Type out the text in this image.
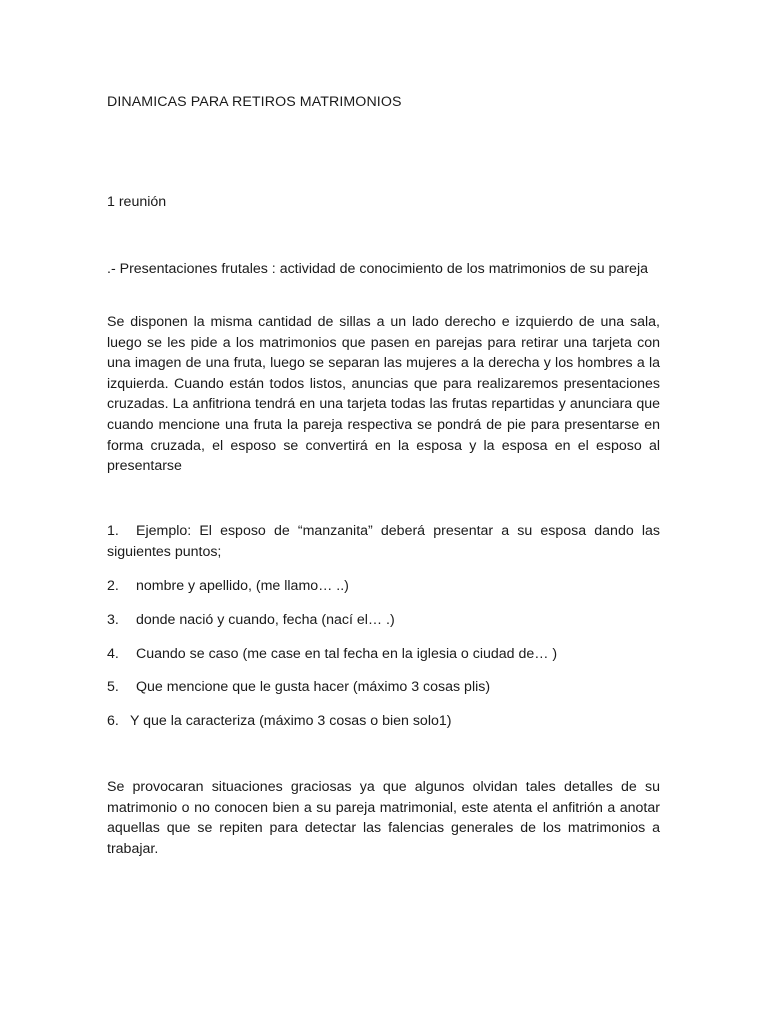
DINAMICAS PARA RETIROS MATRIMONIOS
1 reunión
.- Presentaciones frutales : actividad de conocimiento de los matrimonios de su pareja
Se disponen la misma cantidad de sillas a un lado derecho e izquierdo de una sala, luego se les pide a los matrimonios que pasen en parejas para retirar una tarjeta con una imagen de una fruta, luego se separan las mujeres a la derecha y los hombres a la izquierda. Cuando están todos listos, anuncias que para realizaremos presentaciones cruzadas. La anfitriona tendrá en una tarjeta todas las frutas repartidas y anunciara que cuando mencione una fruta la pareja respectiva se pondrá de pie para presentarse en forma cruzada, el esposo se convertirá en la esposa y la esposa en el esposo al presentarse
1. Ejemplo: El esposo de “manzanita” deberá presentar a su esposa dando las siguientes puntos;
2. nombre y apellido, (me llamo… ..)
3. donde nació y cuando, fecha (nací el… .)
4. Cuando se caso (me case en tal fecha en la iglesia o ciudad de… )
5. Que mencione que le gusta hacer (máximo 3 cosas plis)
6. Y que la caracteriza (máximo 3 cosas o bien solo1)
Se provocaran situaciones graciosas ya que algunos olvidan tales detalles de su matrimonio o no conocen bien a su pareja matrimonial, este atenta el anfitrión a anotar aquellas que se repiten para detectar las falencias generales de los matrimonios a trabajar.
